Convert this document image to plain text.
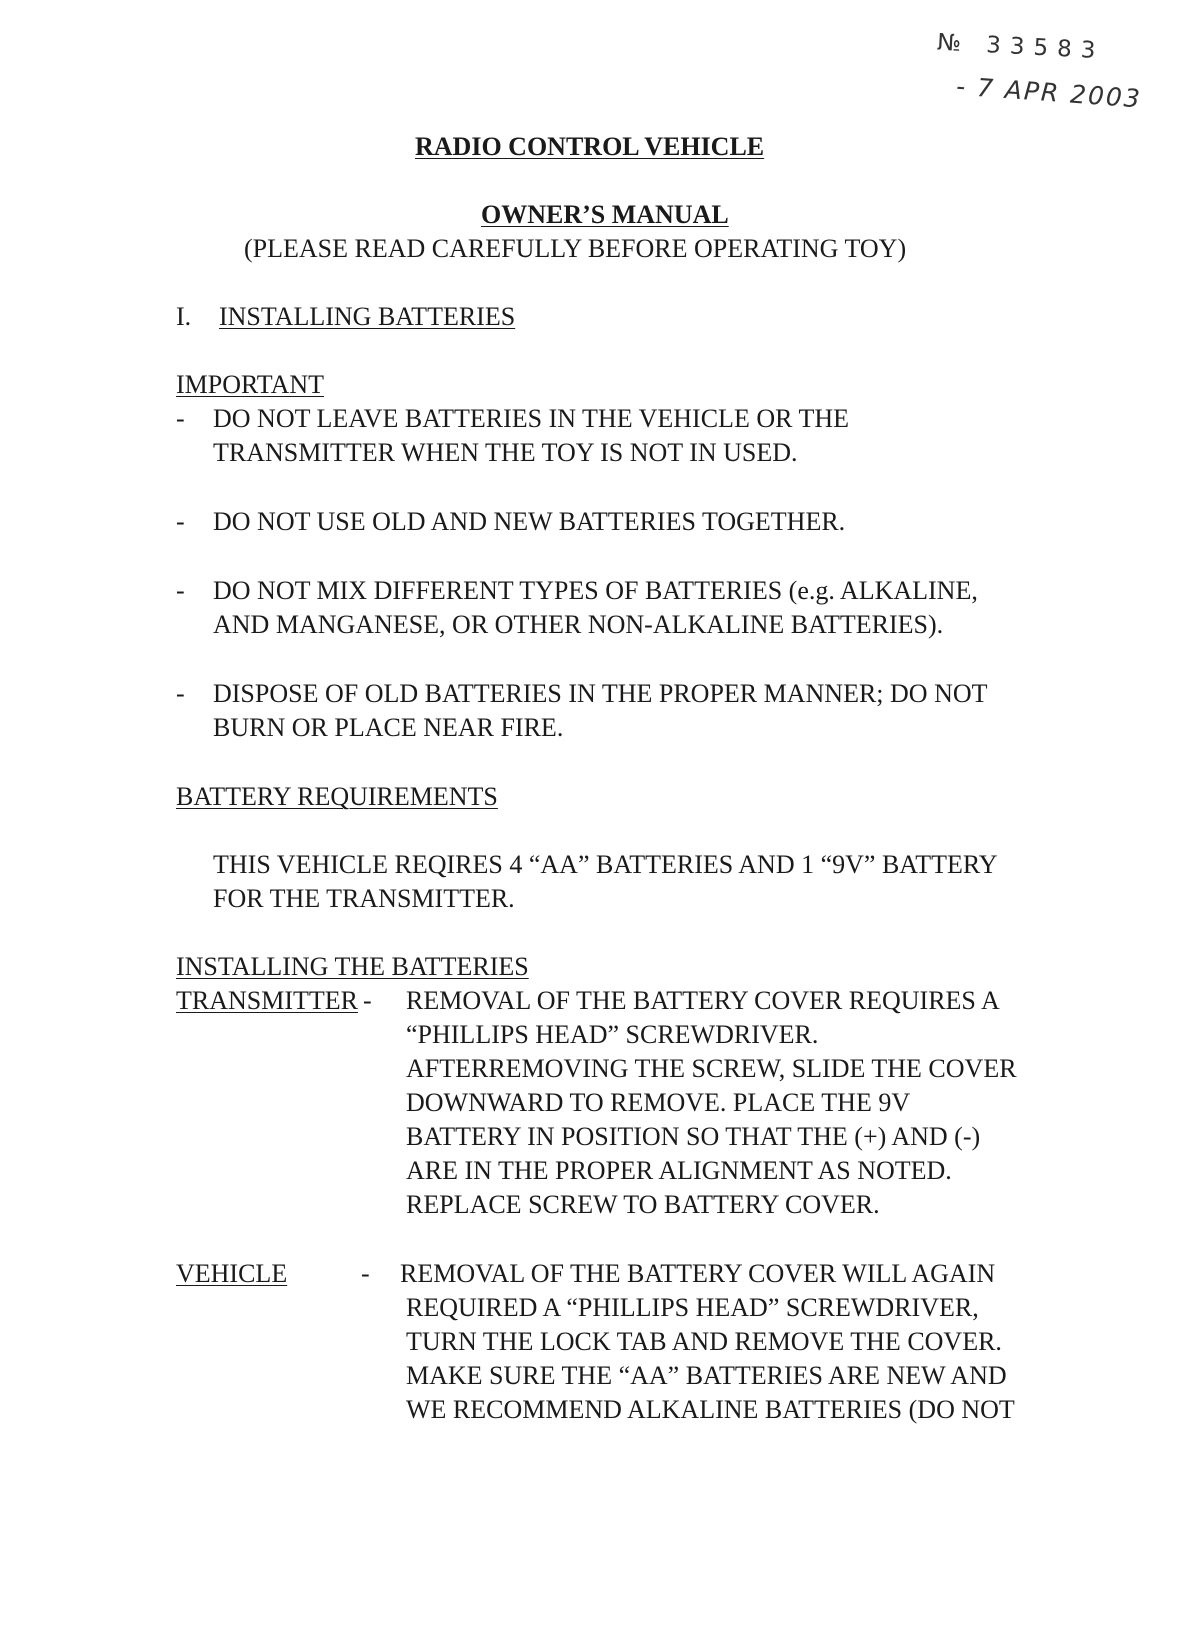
№ 33583
- 7 APR 2003
RADIO CONTROL VEHICLE
OWNER’S MANUAL
(PLEASE READ CAREFULLY BEFORE OPERATING TOY)
I. INSTALLING BATTERIES
IMPORTANT
- DO NOT LEAVE BATTERIES IN THE VEHICLE OR THE
TRANSMITTER WHEN THE TOY IS NOT IN USED.
- DO NOT USE OLD AND NEW BATTERIES TOGETHER.
- DO NOT MIX DIFFERENT TYPES OF BATTERIES (e.g. ALKALINE,
AND MANGANESE, OR OTHER NON-ALKALINE BATTERIES).
- DISPOSE OF OLD BATTERIES IN THE PROPER MANNER; DO NOT
BURN OR PLACE NEAR FIRE.
BATTERY REQUIREMENTS
THIS VEHICLE REQIRES 4 “AA” BATTERIES AND 1 “9V” BATTERY
FOR THE TRANSMITTER.
INSTALLING THE BATTERIES
TRANSMITTER - REMOVAL OF THE BATTERY COVER REQUIRES A
“PHILLIPS HEAD” SCREWDRIVER.
AFTERREMOVING THE SCREW, SLIDE THE COVER
DOWNWARD TO REMOVE. PLACE THE 9V
BATTERY IN POSITION SO THAT THE (+) AND (-)
ARE IN THE PROPER ALIGNMENT AS NOTED.
REPLACE SCREW TO BATTERY COVER.
VEHICLE	- REMOVAL OF THE BATTERY COVER WILL AGAIN
REQUIRED A “PHILLIPS HEAD” SCREWDRIVER,
TURN THE LOCK TAB AND REMOVE THE COVER.
MAKE SURE THE “AA” BATTERIES ARE NEW AND
WE RECOMMEND ALKALINE BATTERIES (DO NOT
